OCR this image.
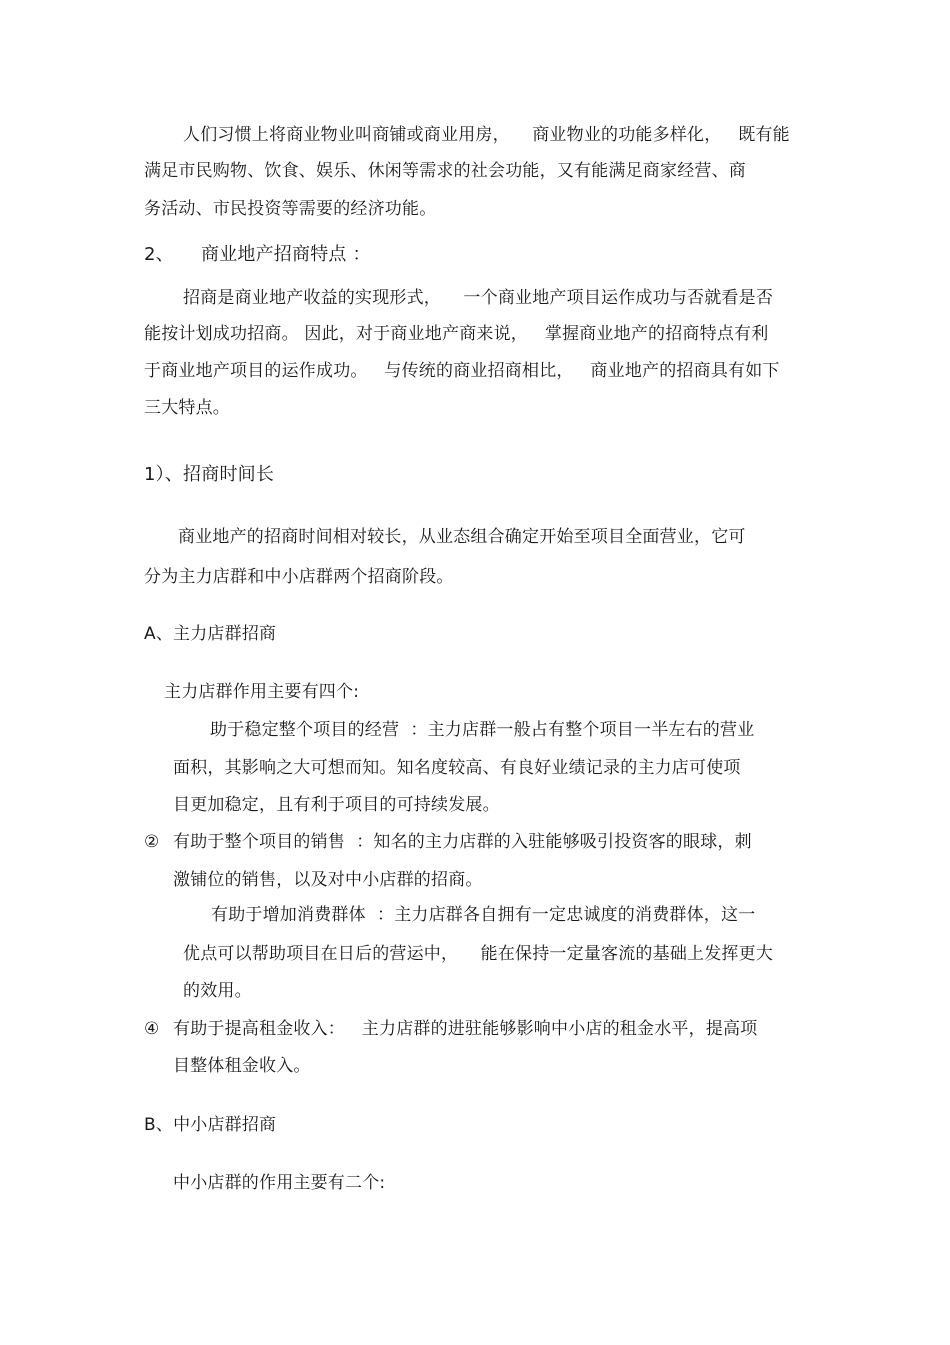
人们习惯上将商业物业叫商铺或商业用房，    商业物业的功能多样化，   既有能
满足市民购物、饮食、娱乐、休闲等需求的社会功能，又有能满足商家经营、商
务活动、市民投资等需要的经济功能。
2、 商业地产招商特点 ：
招商是商业地产收益的实现形式，    一个商业地产项目运作成功与否就看是否
能按计划成功招商。 因此，对于商业地产商来说，   掌握商业地产的招商特点有利
于商业地产项目的运作成功。   与传统的商业招商相比，   商业地产的招商具有如下
三大特点。
1）、招商时间长
商业地产的招商时间相对较长，从业态组合确定开始至项目全面营业，它可
分为主力店群和中小店群两个招商阶段。
A、主力店群招商
主力店群作用主要有四个:
助于稳定整个项目的经营  ：主力店群一般占有整个项目一半左右的营业
面积，其影响之大可想而知。知名度较高、有良好业绩记录的主力店可使项
目更加稳定，且有利于项目的可持续发展。
② 有助于整个项目的销售  ：知名的主力店群的入驻能够吸引投资客的眼球，刺
激铺位的销售，以及对中小店群的招商。
有助于增加消费群体  ：主力店群各自拥有一定忠诚度的消费群体，这一
优点可以帮助项目在日后的营运中，    能在保持一定量客流的基础上发挥更大
的效用。
④ 有助于提高租金收入：   主力店群的进驻能够影响中小店的租金水平，提高项
目整体租金收入。
B、中小店群招商
中小店群的作用主要有二个:
